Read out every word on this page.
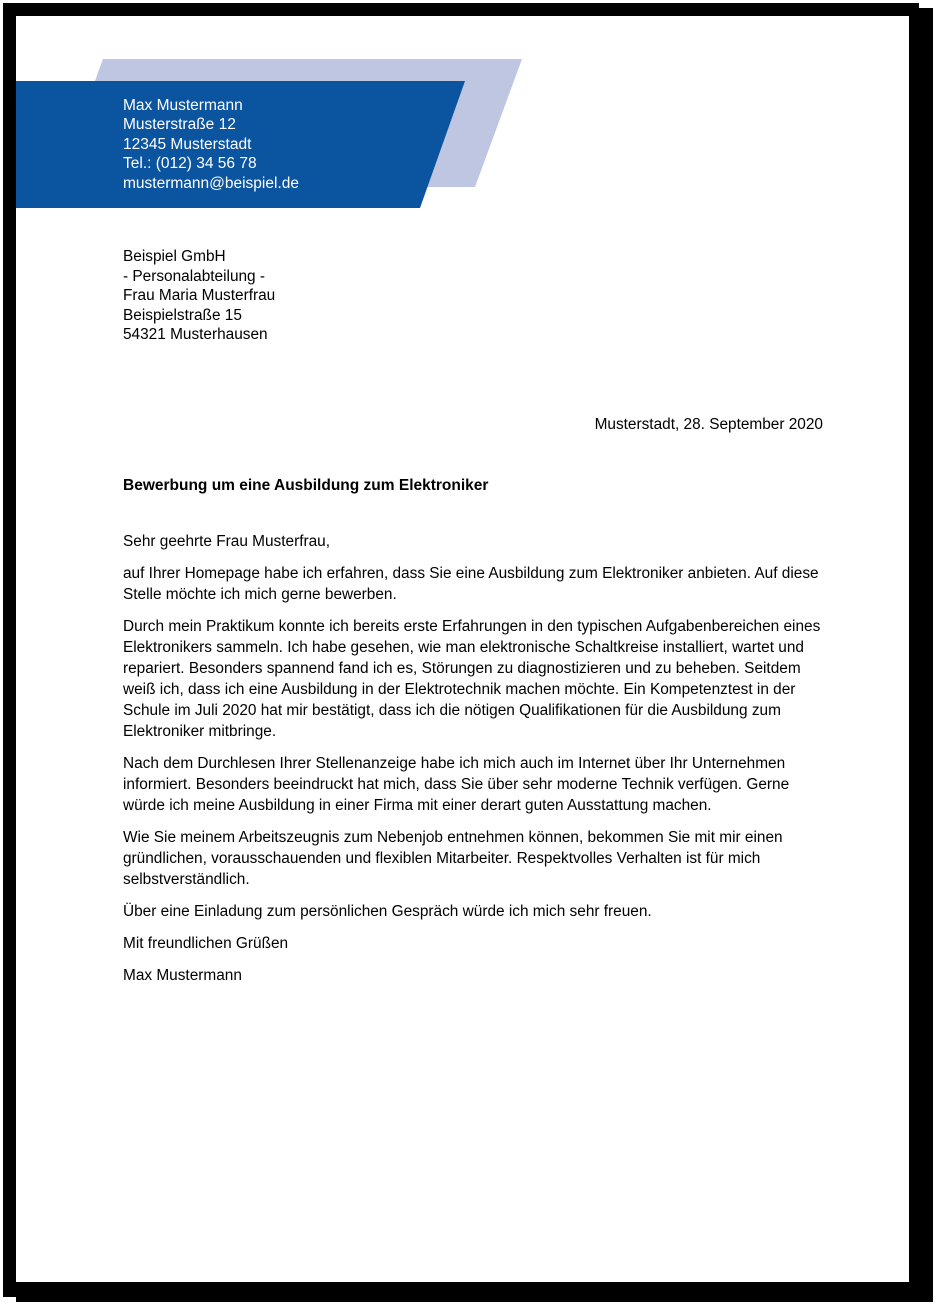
Max Mustermann
Musterstraße 12
12345 Musterstadt
Tel.: (012) 34 56 78
mustermann@beispiel.de
Beispiel GmbH
- Personalabteilung -
Frau Maria Musterfrau
Beispielstraße 15
54321 Musterhausen
Musterstadt, 28. September 2020
Bewerbung um eine Ausbildung zum Elektroniker

Sehr geehrte Frau Musterfrau,

auf Ihrer Homepage habe ich erfahren, dass Sie eine Ausbildung zum Elektroniker anbieten. Auf diese Stelle möchte ich mich gerne bewerben.

Durch mein Praktikum konnte ich bereits erste Erfahrungen in den typischen Aufgabenbereichen eines Elektronikers sammeln. Ich habe gesehen, wie man elektronische Schaltkreise installiert, wartet und repariert. Besonders spannend fand ich es, Störungen zu diagnostizieren und zu beheben. Seitdem weiß ich, dass ich eine Ausbildung in der Elektrotechnik machen möchte. Ein Kompetenztest in der Schule im Juli 2020 hat mir bestätigt, dass ich die nötigen Qualifikationen für die Ausbildung zum Elektroniker mitbringe.

Nach dem Durchlesen Ihrer Stellenanzeige habe ich mich auch im Internet über Ihr Unternehmen informiert. Besonders beeindruckt hat mich, dass Sie über sehr moderne Technik verfügen. Gerne würde ich meine Ausbildung in einer Firma mit einer derart guten Ausstattung machen.

Wie Sie meinem Arbeitszeugnis zum Nebenjob entnehmen können, bekommen Sie mit mir einen gründlichen, vorausschauenden und flexiblen Mitarbeiter. Respektvolles Verhalten ist für mich selbstverständlich.

Über eine Einladung zum persönlichen Gespräch würde ich mich sehr freuen.

Mit freundlichen Grüßen

Max Mustermann
